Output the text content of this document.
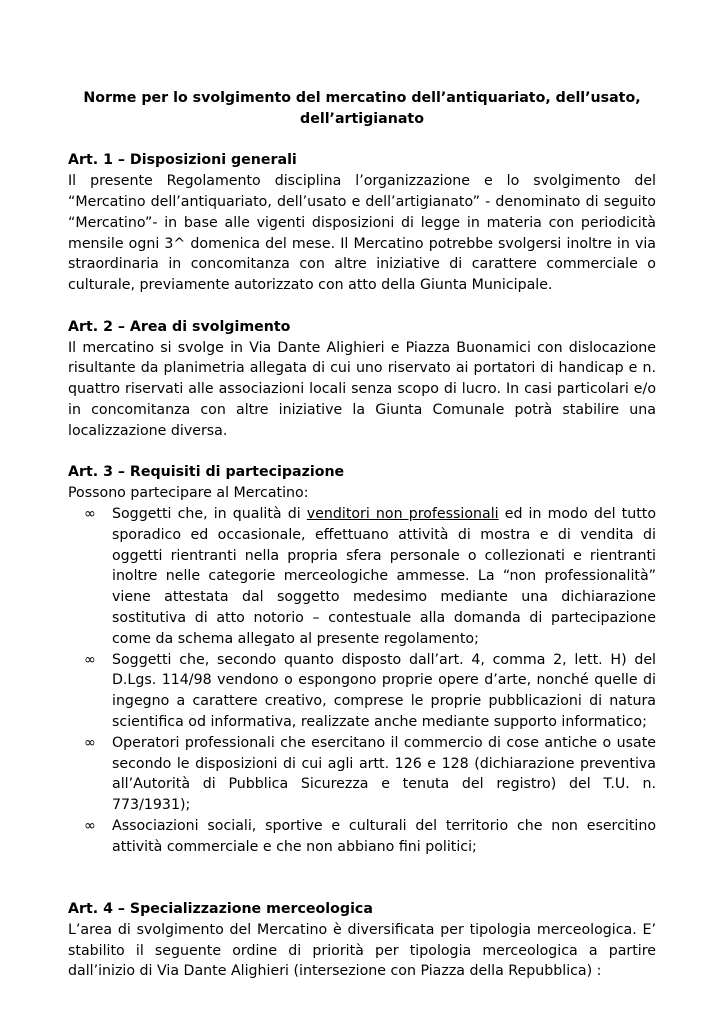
Norme per lo svolgimento del mercatino dell’antiquariato, dell’usato,
dell’artigianato

Art. 1 – Disposizioni generali

Il presente Regolamento disciplina l’organizzazione e lo svolgimento del “Mercatino dell’antiquariato, dell’usato e dell’artigianato” - denominato di seguito “Mercatino”- in base alle vigenti disposizioni di legge in materia con periodicità mensile ogni 3^ domenica del mese. Il Mercatino potrebbe svolgersi inoltre in via straordinaria in concomitanza con altre iniziative di carattere commerciale o culturale, previamente autorizzato con atto della Giunta Municipale.

Art. 2 – Area di svolgimento

Il mercatino si svolge in Via Dante Alighieri e Piazza Buonamici con dislocazione risultante da planimetria allegata di cui uno riservato ai portatori di handicap e n. quattro riservati alle associazioni locali senza scopo di lucro. In casi particolari e/o in concomitanza con altre iniziative la Giunta Comunale potrà stabilire una localizzazione diversa.

Art. 3 – Requisiti di partecipazione

Possono partecipare al Mercatino:

∞ Soggetti che, in qualità di venditori non professionali ed in modo del tutto sporadico ed occasionale, effettuano attività di mostra e di vendita di oggetti rientranti nella propria sfera personale o collezionati e rientranti inoltre nelle categorie merceologiche ammesse. La “non professionalità” viene attestata dal soggetto medesimo mediante una dichiarazione sostitutiva di atto notorio – contestuale alla domanda di partecipazione come da schema allegato al presente regolamento;
∞ Soggetti che, secondo quanto disposto dall’art. 4, comma 2, lett. H) del D.Lgs. 114/98 vendono o espongono proprie opere d’arte, nonché quelle di ingegno a carattere creativo, comprese le proprie pubblicazioni di natura scientifica od informativa, realizzate anche mediante supporto informatico;
∞ Operatori professionali che esercitano il commercio di cose antiche o usate secondo le disposizioni di cui agli artt. 126 e 128 (dichiarazione preventiva all’Autorità di Pubblica Sicurezza e tenuta del registro) del T.U. n. 773/1931);
∞ Associazioni sociali, sportive e culturali del territorio che non esercitino attività commerciale e che non abbiano fini politici;

Art. 4 – Specializzazione merceologica

L’area di svolgimento del Mercatino è diversificata per tipologia merceologica. E’ stabilito il seguente ordine di priorità per tipologia merceologica a partire dall’inizio di Via Dante Alighieri (intersezione con Piazza della Repubblica) :
